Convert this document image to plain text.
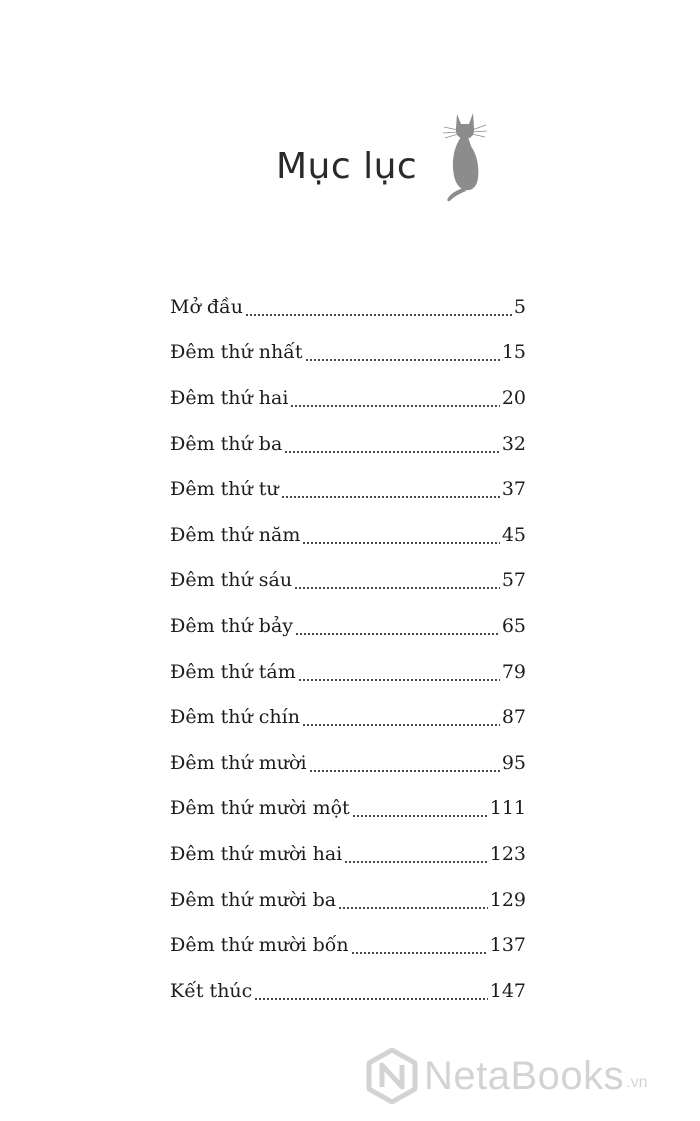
Mục lục
Mở đầu	5
Đêm thứ nhất	15
Đêm thứ hai	20
Đêm thứ ba	32
Đêm thứ tư	37
Đêm thứ năm	45
Đêm thứ sáu	57
Đêm thứ bảy	65
Đêm thứ tám	79
Đêm thứ chín	87
Đêm thứ mười	95
Đêm thứ mười một	111
Đêm thứ mười hai	123
Đêm thứ mười ba	129
Đêm thứ mười bốn	137
Kết thúc	147
NetaBooks .vn
